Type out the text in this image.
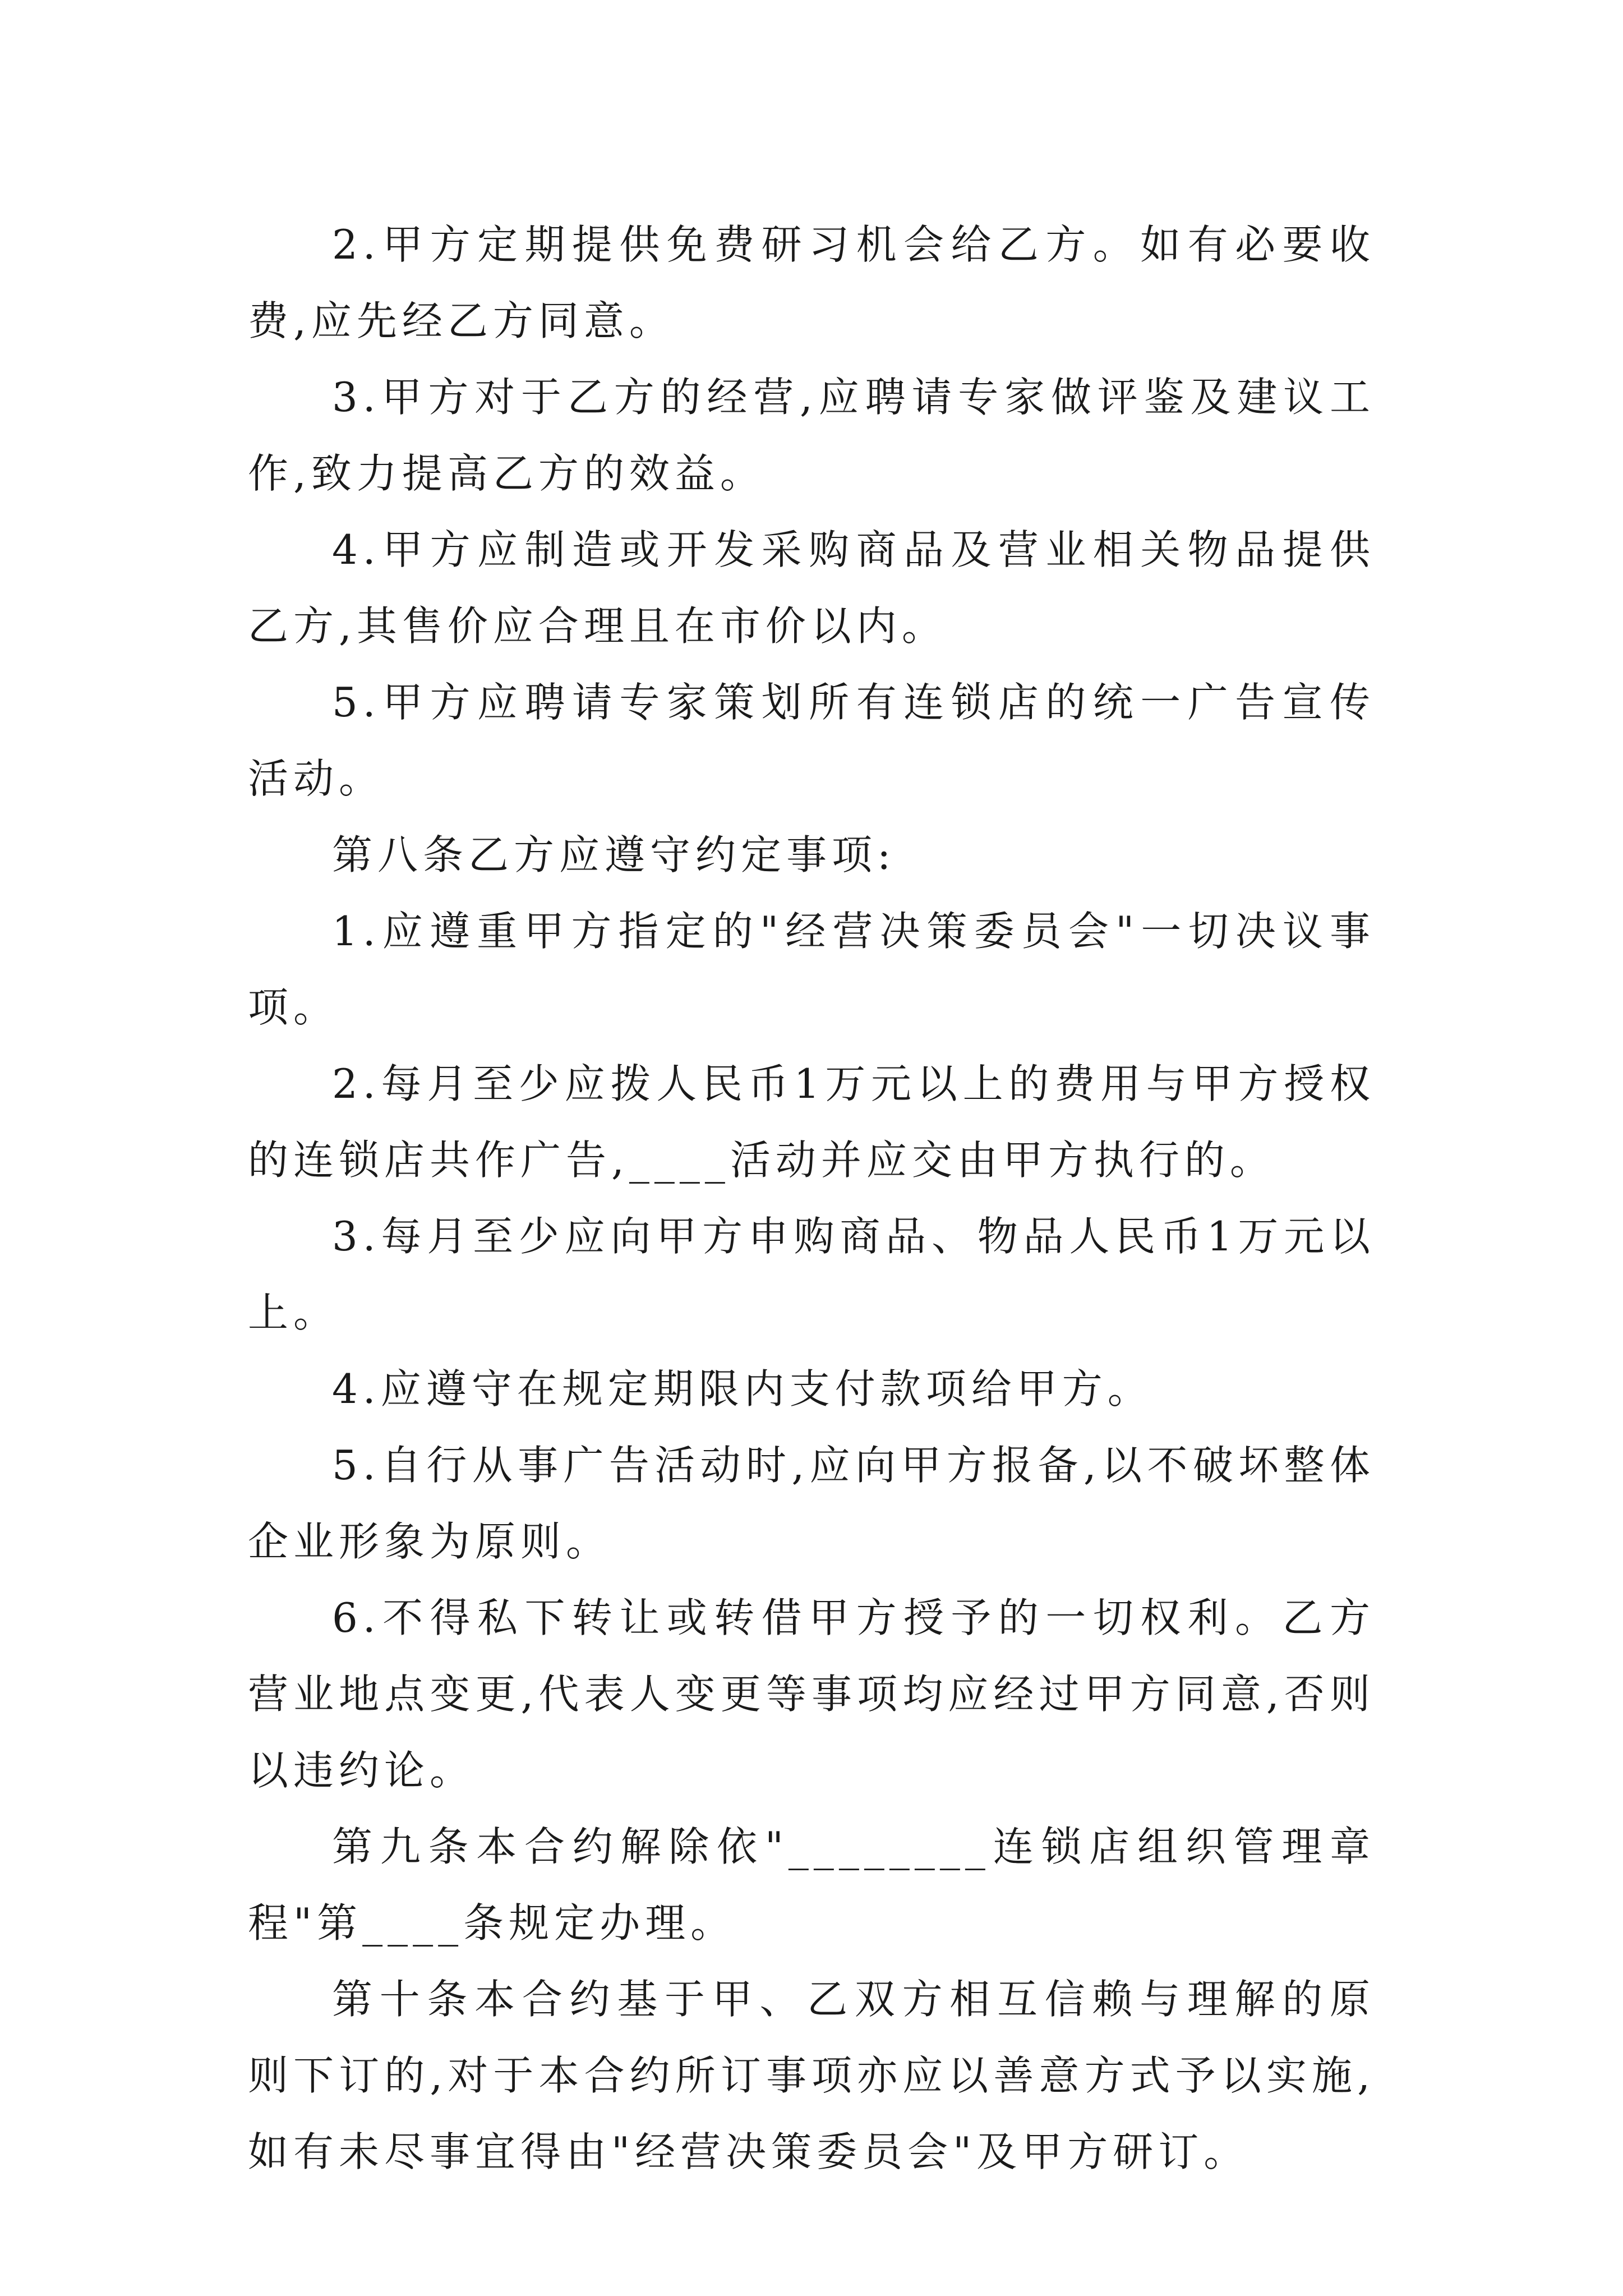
2.甲方定期提供免费研习机会给乙方。如有必要收费,应先经乙方同意。

3.甲方对于乙方的经营,应聘请专家做评鉴及建议工作,致力提高乙方的效益。

4.甲方应制造或开发采购商品及营业相关物品提供乙方,其售价应合理且在市价以内。

5.甲方应聘请专家策划所有连锁店的统一广告宣传活动。

第八条乙方应遵守约定事项:

1.应遵重甲方指定的"经营决策委员会"一切决议事项。

2.每月至少应拨人民币1万元以上的费用与甲方授权的连锁店共作广告,____活动并应交由甲方执行的。

3.每月至少应向甲方申购商品、物品人民币1万元以上。

4.应遵守在规定期限内支付款项给甲方。

5.自行从事广告活动时,应向甲方报备,以不破坏整体企业形象为原则。

6.不得私下转让或转借甲方授予的一切权利。乙方营业地点变更,代表人变更等事项均应经过甲方同意,否则以违约论。

第九条本合约解除依"________连锁店组织管理章程"第____条规定办理。

第十条本合约基于甲、乙双方相互信赖与理解的原则下订的,对于本合约所订事项亦应以善意方式予以实施,如有未尽事宜得由"经营决策委员会"及甲方研订。
